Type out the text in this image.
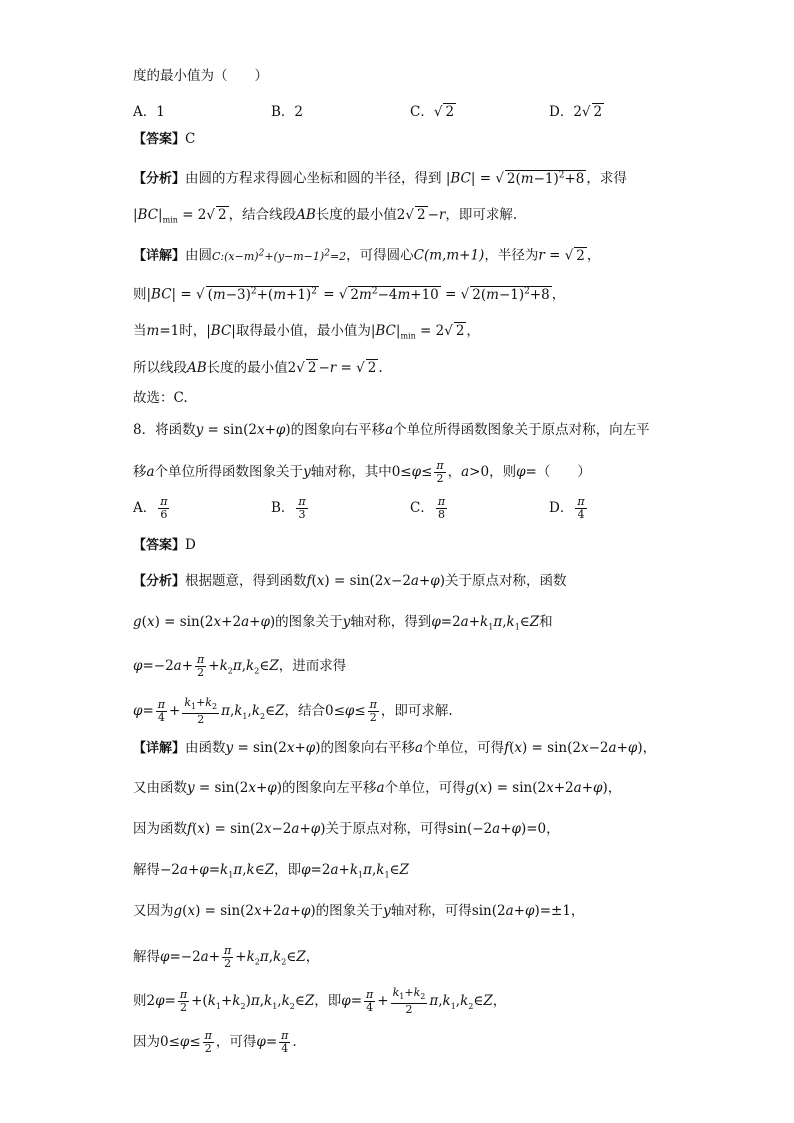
度的最小值为（　　）
A．1	B．2	C．√ 2	D．2√ 2
【答案】C
【分析】由圆的方程求得圆心坐标和圆的半径，得到 |BC| = √ $2(m-1)^2+8$ ，求得
$|BC|_{min} = 2√$ 2 ，结合线段AB长度的最小值2√ 2 −r，即可求解.
【详解】由圆$C:(x-m)^2+(y-m-1)^2=2$，可得圆心C(m,m+1)，半径为r = √ 2 ，
则|BC| = √ $(m-3)^2+(m+1)^2$ = √ $2m^2-4m+10$ = √ $2(m-1)^2+8$ ，
当m=1时，|BC|取得最小值，最小值为$|BC|_{min} = 2√$ 2 ，
所以线段AB长度的最小值2√ 2 −r = √ 2 .
故选：C.
8．将函数y = sin(2x+φ)的图象向右平移a个单位所得函数图象关于原点对称，向左平
移a个单位所得函数图象关于y轴对称，其中$0\le\varphi\le \frac{\pi}{2}$ ，a>0，则φ=（　　）
A． $\frac{\pi}{6}$	B． $\frac{\pi}{3}$	C． $\frac{\pi}{8}$	D． $\frac{\pi}{4}$
【答案】D
【分析】根据题意，得到函数f(x) = sin(2x−2a+φ)关于原点对称，函数
g(x) = sin(2x+2a+φ)的图象关于y轴对称，得到$\varphi=2a+k_1\pi,k_1\in Z$和
$\varphi=-2a+ \frac{\pi}{2}$ $+k_2\pi,k_2\in Z$，进而求得
$\varphi= \frac{\pi}{4} + \frac{k_1+k_2}{2}$ $\pi,k_1,k_2\in Z$，结合$0\le\varphi\le \frac{\pi}{2}$ ，即可求解.
【详解】由函数y = sin(2x+φ)的图象向右平移a个单位，可得f(x) = sin(2x−2a+φ)，
又由函数y = sin(2x+φ)的图象向左平移a个单位，可得g(x) = sin(2x+2a+φ)，
因为函数f(x) = sin(2x−2a+φ)关于原点对称，可得sin(−2a+φ)=0，
解得$-2a+\varphi=k_1\pi,k\in Z$，即$\varphi=2a+k_1\pi,k_1\in Z$
又因为g(x) = sin(2x+2a+φ)的图象关于y轴对称，可得sin(2a+φ)=±1，
解得$\varphi=-2a+ \frac{\pi}{2}$ $+k_2\pi,k_2\in Z$，
则$2\varphi= \frac{\pi}{2}$ $+(k_1+k_2)\pi,k_1,k_2\in Z$，即$\varphi= \frac{\pi}{4} + \frac{k_1+k_2}{2}$ $\pi,k_1,k_2\in Z$，
因为$0\le\varphi\le \frac{\pi}{2}$ ，可得$\varphi= \frac{\pi}{4}$ .
